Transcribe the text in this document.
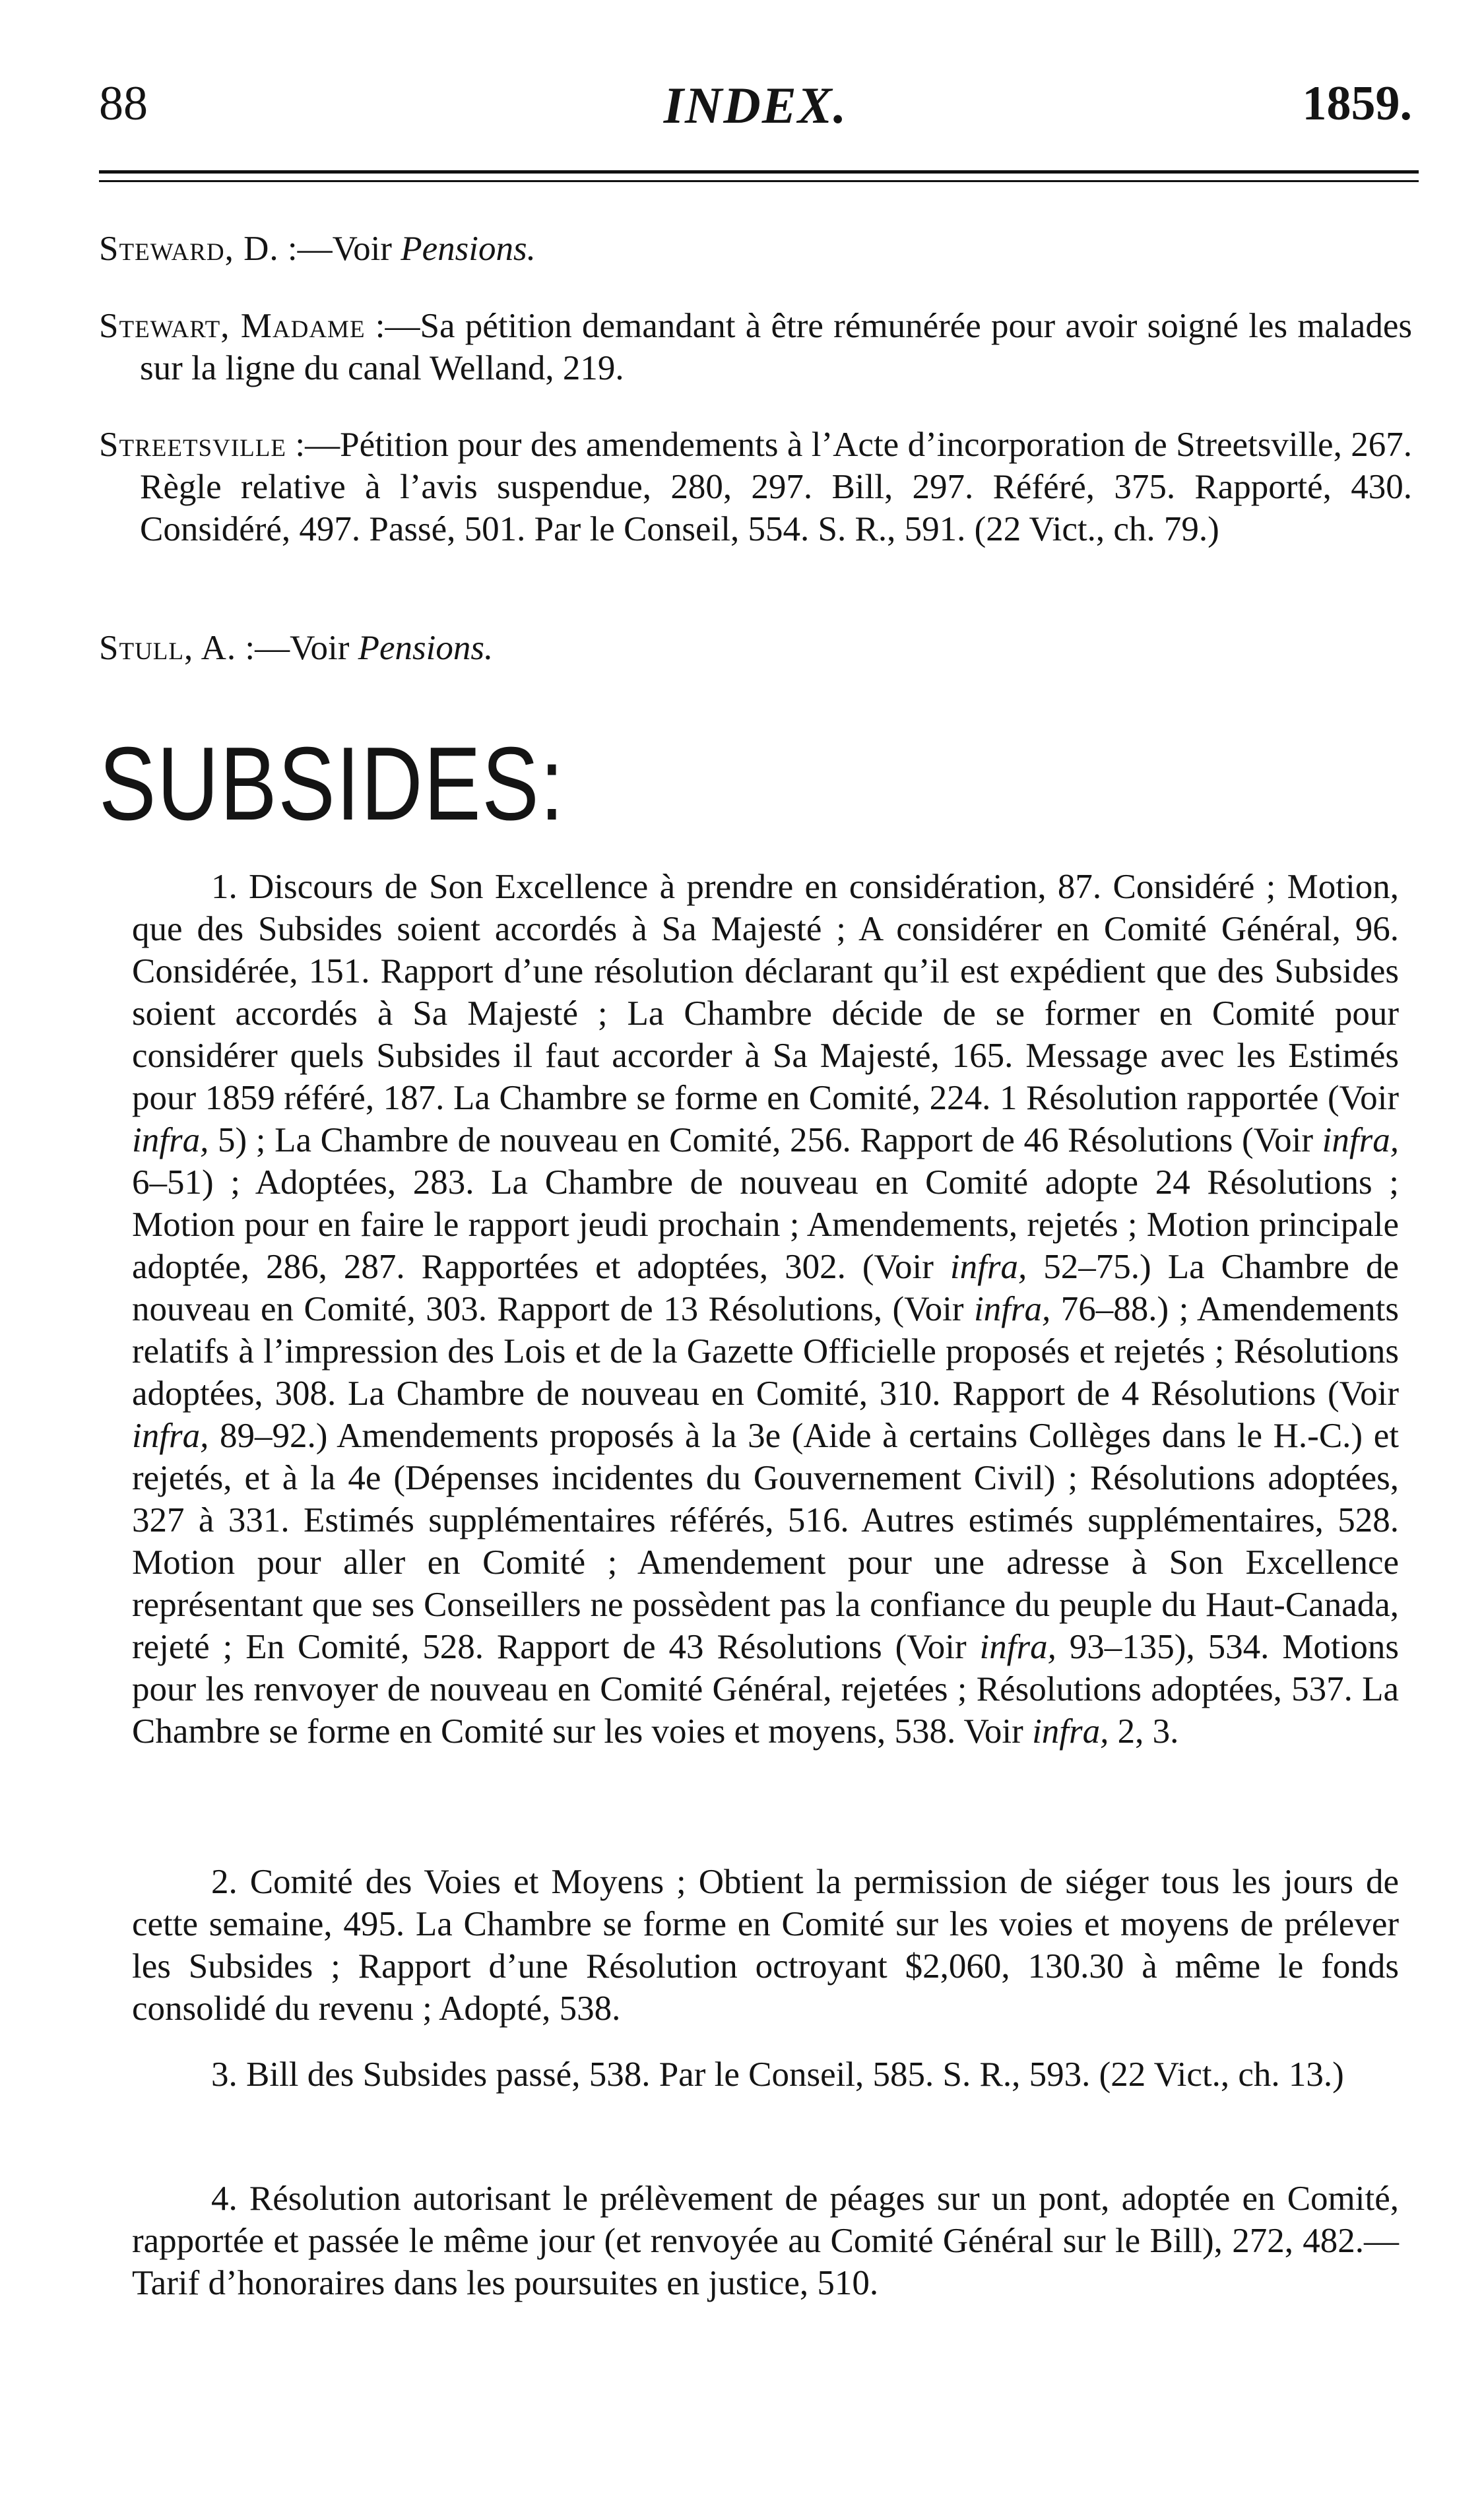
88	INDEX.	1859.

Steward, D. :—Voir Pensions.

Stewart, Madame :—Sa pétition demandant à être rémunérée pour avoir soigné les malades sur la ligne du canal Welland, 219.

Streetsville :—Pétition pour des amendements à l’Acte d’incorporation de Streetsville, 267. Règle relative à l’avis suspendue, 280, 297. Bill, 297. Référé, 375. Rapporté, 430. Considéré, 497. Passé, 501. Par le Conseil, 554. S. R., 591. (22 Vict., ch. 79.)

Stull, A. :—Voir Pensions.

SUBSIDES:

1. Discours de Son Excellence à prendre en considération, 87. Considéré ; Motion, que des Subsides soient accordés à Sa Majesté ; A considérer en Comité Général, 96. Considérée, 151. Rapport d’une résolution déclarant qu’il est expédient que des Subsides soient accordés à Sa Majesté ; La Chambre décide de se former en Comité pour considérer quels Subsides il faut accorder à Sa Majesté, 165. Message avec les Estimés pour 1859 référé, 187. La Chambre se forme en Comité, 224. 1 Résolution rapportée (Voir infra, 5) ; La Chambre de nouveau en Comité, 256. Rapport de 46 Résolutions (Voir infra, 6–51) ; Adoptées, 283. La Chambre de nouveau en Comité adopte 24 Résolutions ; Motion pour en faire le rapport jeudi prochain ; Amendements, rejetés ; Motion principale adoptée, 286, 287. Rapportées et adoptées, 302. (Voir infra, 52–75.) La Chambre de nouveau en Comité, 303. Rapport de 13 Résolutions, (Voir infra, 76–88.) ; Amendements relatifs à l’impression des Lois et de la Gazette Officielle proposés et rejetés ; Résolutions adoptées, 308. La Chambre de nouveau en Comité, 310. Rapport de 4 Résolutions (Voir infra, 89–92.) Amendements proposés à la 3e (Aide à certains Collèges dans le H.-C.) et rejetés, et à la 4e (Dépenses incidentes du Gouvernement Civil) ; Résolutions adoptées, 327 à 331. Estimés supplémentaires référés, 516. Autres estimés supplémentaires, 528. Motion pour aller en Comité ; Amendement pour une adresse à Son Excellence représentant que ses Conseillers ne possèdent pas la confiance du peuple du Haut-Canada, rejeté ; En Comité, 528. Rapport de 43 Résolutions (Voir infra, 93–135), 534. Motions pour les renvoyer de nouveau en Comité Général, rejetées ; Résolutions adoptées, 537. La Chambre se forme en Comité sur les voies et moyens, 538. Voir infra, 2, 3.

2. Comité des Voies et Moyens ; Obtient la permission de siéger tous les jours de cette semaine, 495. La Chambre se forme en Comité sur les voies et moyens de prélever les Subsides ; Rapport d’une Résolution octroyant $2,060, 130.30 à même le fonds consolidé du revenu ; Adopté, 538.

3. Bill des Subsides passé, 538. Par le Conseil, 585. S. R., 593. (22 Vict., ch. 13.)

4. Résolution autorisant le prélèvement de péages sur un pont, adoptée en Comité, rapportée et passée le même jour (et renvoyée au Comité Général sur le Bill), 272, 482.—Tarif d’honoraires dans les poursuites en justice, 510.
